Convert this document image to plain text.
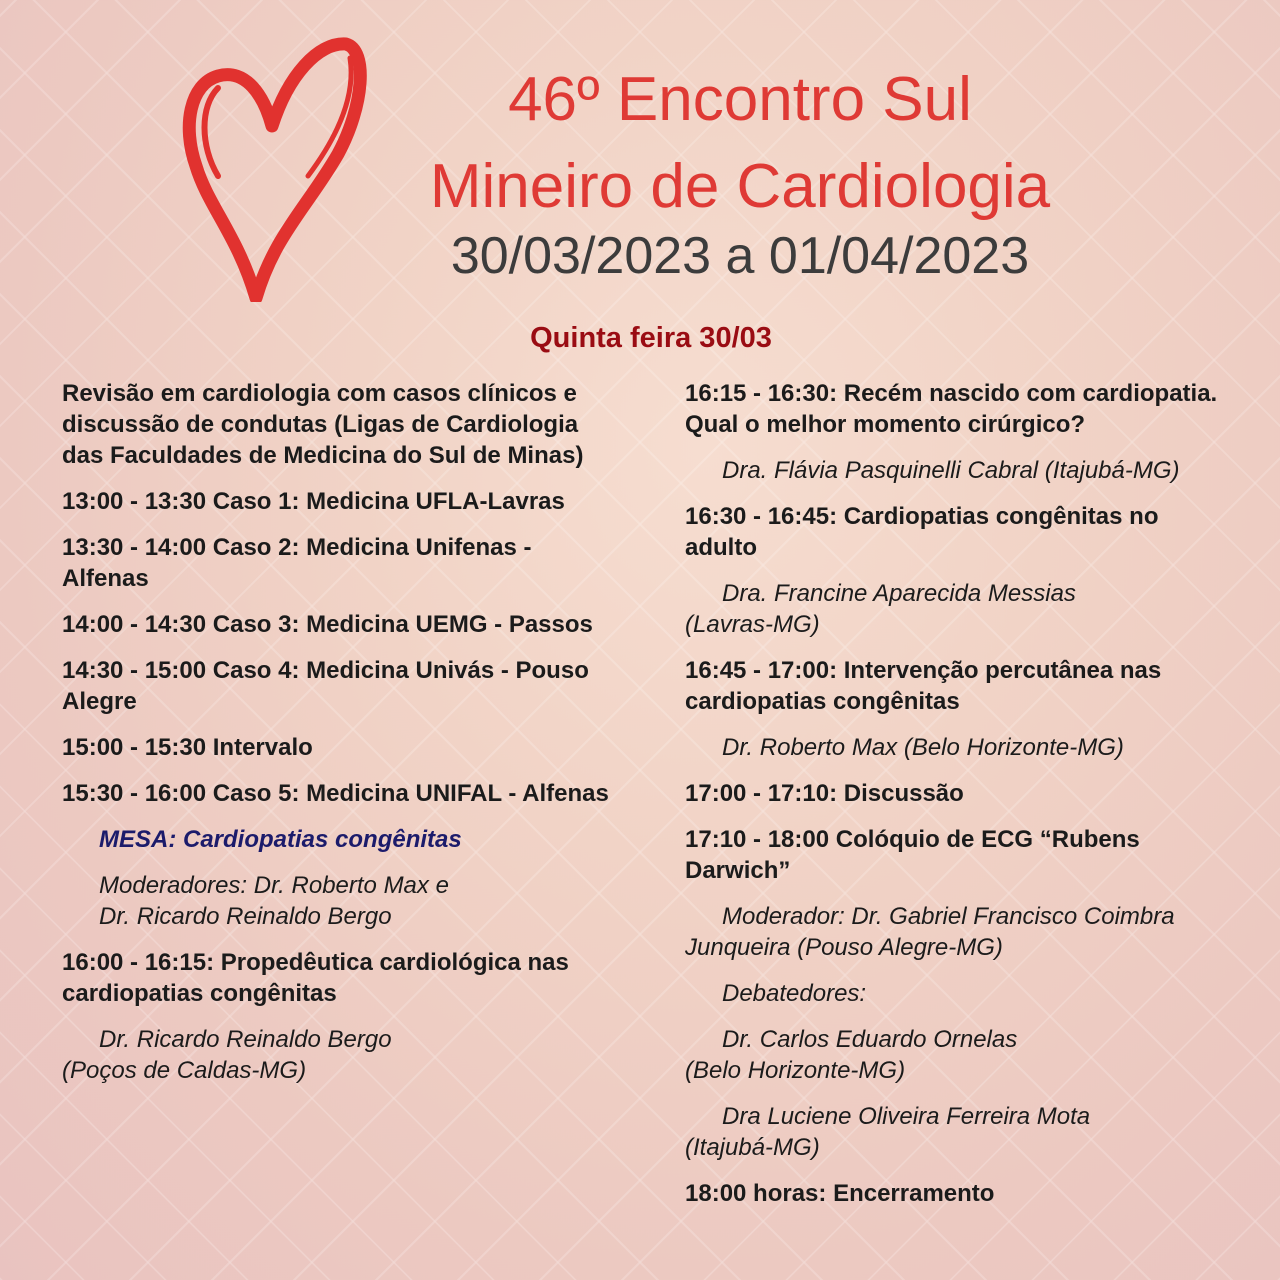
46º Encontro Sul
Mineiro de Cardiologia
30/03/2023 a 01/04/2023
Quinta feira 30/03

Revisão em cardiologia com casos clínicos e discussão de condutas (Ligas de Cardiologia das Faculdades de Medicina do Sul de Minas)

13:00 - 13:30 Caso 1: Medicina UFLA-Lavras

13:30 - 14:00 Caso 2: Medicina Unifenas - Alfenas

14:00 - 14:30 Caso 3: Medicina UEMG - Passos

14:30 - 15:00 Caso 4: Medicina Univás - Pouso Alegre

15:00 - 15:30 Intervalo

15:30 - 16:00 Caso 5: Medicina UNIFAL - Alfenas

MESA: Cardiopatias congênitas

Moderadores: Dr. Roberto Max e
Dr. Ricardo Reinaldo Bergo

16:00 - 16:15: Propedêutica cardiológica nas cardiopatias congênitas

Dr. Ricardo Reinaldo Bergo
(Poços de Caldas-MG)

16:15 - 16:30: Recém nascido com cardiopatia. Qual o melhor momento cirúrgico?

Dra. Flávia Pasquinelli Cabral (Itajubá-MG)

16:30 - 16:45: Cardiopatias congênitas no adulto

Dra. Francine Aparecida Messias
(Lavras-MG)

16:45 - 17:00: Intervenção percutânea nas cardiopatias congênitas

Dr. Roberto Max (Belo Horizonte-MG)

17:00 - 17:10: Discussão

17:10 - 18:00 Colóquio de ECG “Rubens Darwich”

Moderador: Dr. Gabriel Francisco Coimbra Junqueira (Pouso Alegre-MG)

Debatedores:

Dr. Carlos Eduardo Ornelas
(Belo Horizonte-MG)
Dra Luciene Oliveira Ferreira Mota
(Itajubá-MG)

18:00 horas: Encerramento
